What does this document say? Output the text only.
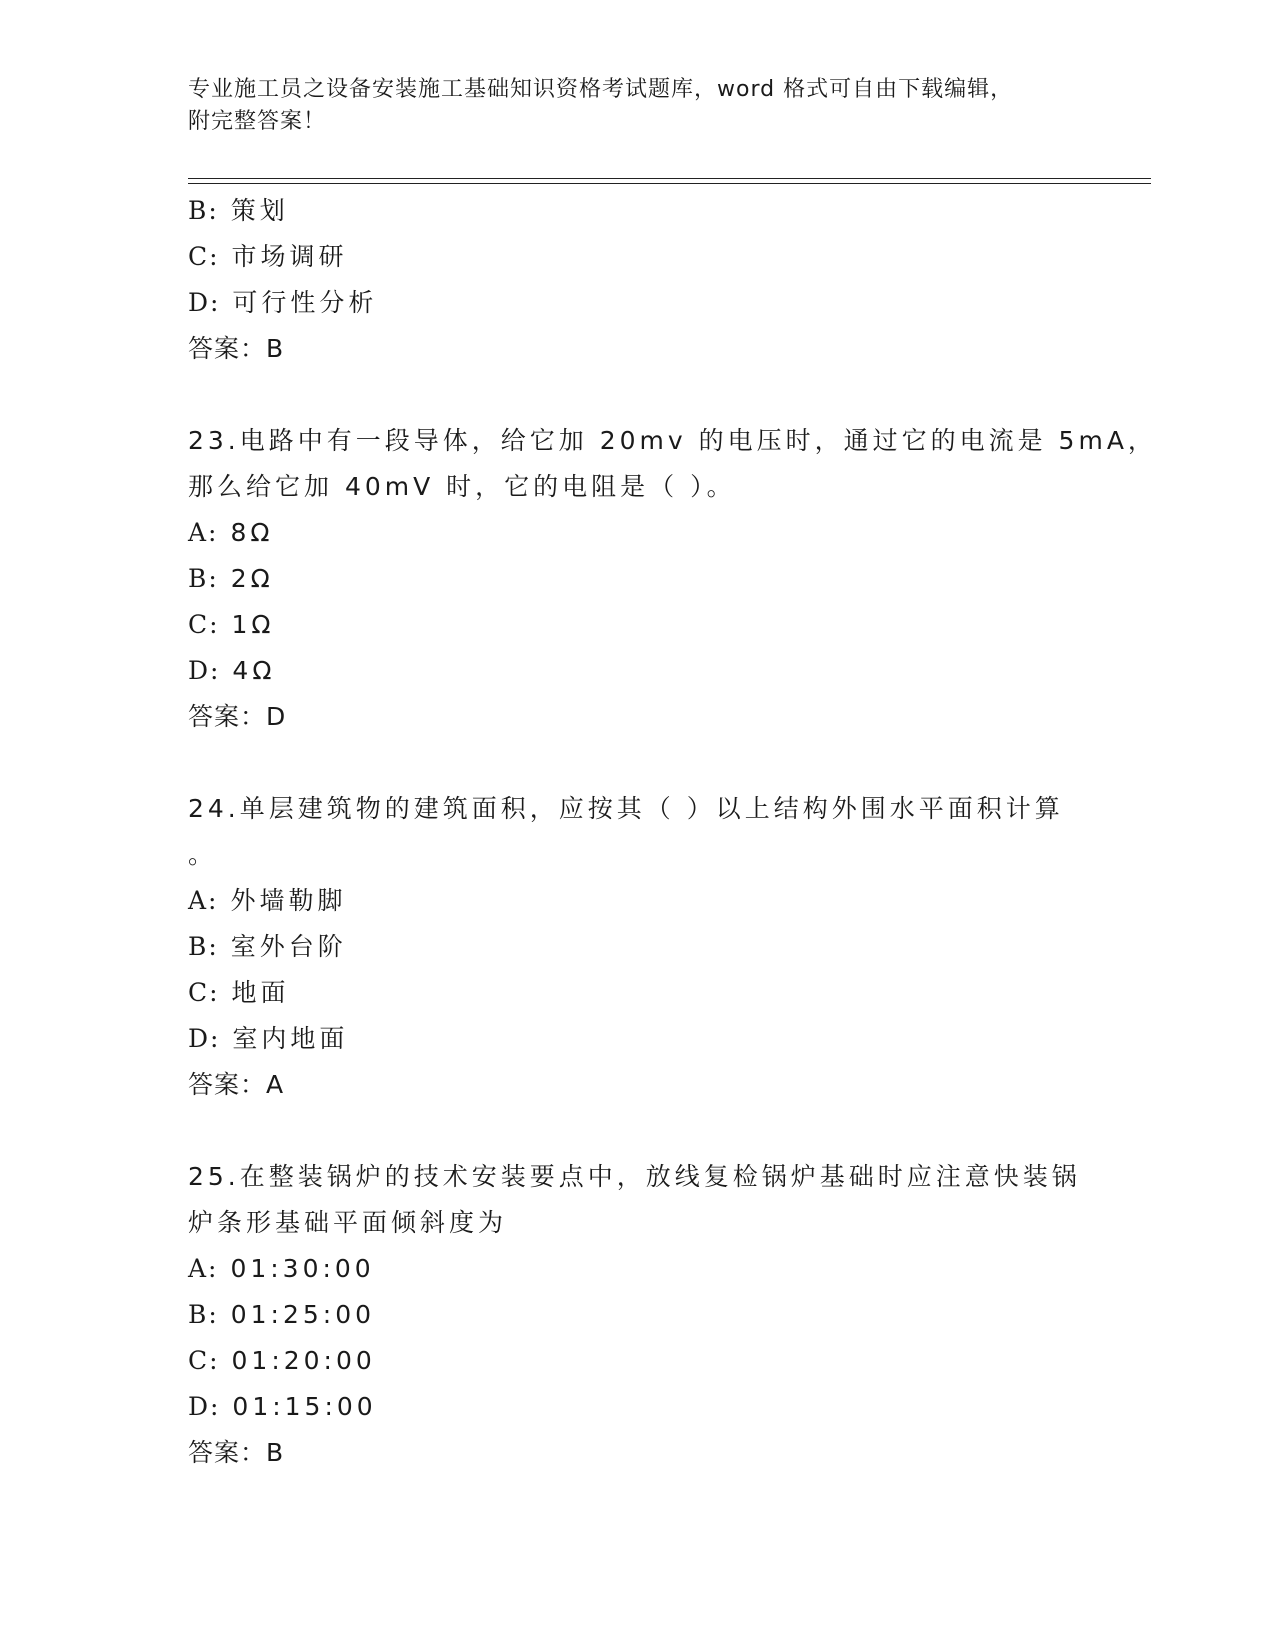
专业施工员之设备安装施工基础知识资格考试题库，word 格式可自由下载编辑，
附完整答案！
B: 策划
C: 市场调研
D: 可行性分析
答案：B
23.电路中有一段导体，给它加 20mv 的电压时，通过它的电流是 5mA，
那么给它加 40mV 时，它的电阻是（ ）。
A: 8Ω
B: 2Ω
C: 1Ω
D: 4Ω
答案：D
24.单层建筑物的建筑面积，应按其（ ）以上结构外围水平面积计算
。
A: 外墙勒脚
B: 室外台阶
C: 地面
D: 室内地面
答案：A
25.在整装锅炉的技术安装要点中，放线复检锅炉基础时应注意快装锅
炉条形基础平面倾斜度为
A: 01:30:00
B: 01:25:00
C: 01:20:00
D: 01:15:00
答案：B
